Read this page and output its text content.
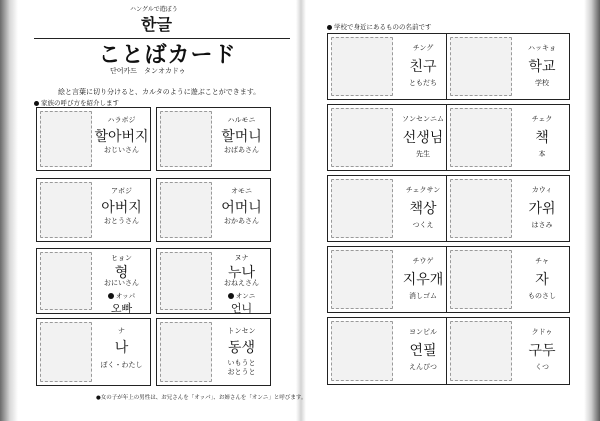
ハングルで遊ぼう
한글
ことばカード
단어카드　タンオカドゥ
絵と言葉に切り分けると、カルタのように遊ぶことができます。
家族の呼び方を紹介します
ハラボジ
할아버지
おじいさん
ハルモニ
할머니
おばあさん
アボジ
아버지
おとうさん
オモニ
어머니
おかあさん
ヒョン
형
おにいさん
オッパ
오빠
ヌナ
누나
おねえさん
オンニ
언니
ナ
나
ぼく・わたし
トンセン
동생
いもうと
おとうと
●女の子が年上の男性は、お兄さんを「オッパ」、お姉さんを「オンニ」と呼びます。
学校で身近にあるものの名前です
チング
친구
ともだち
ハッキョ
학교
学校
ソンセンニム
선생님
先生
チェク
책
本
チェクサン
책상
つくえ
カウィ
가위
はさみ
チウゲ
지우개
消しゴム
チャ
자
ものさし
ヨンピル
연필
えんぴつ
クドゥ
구두
くつ
